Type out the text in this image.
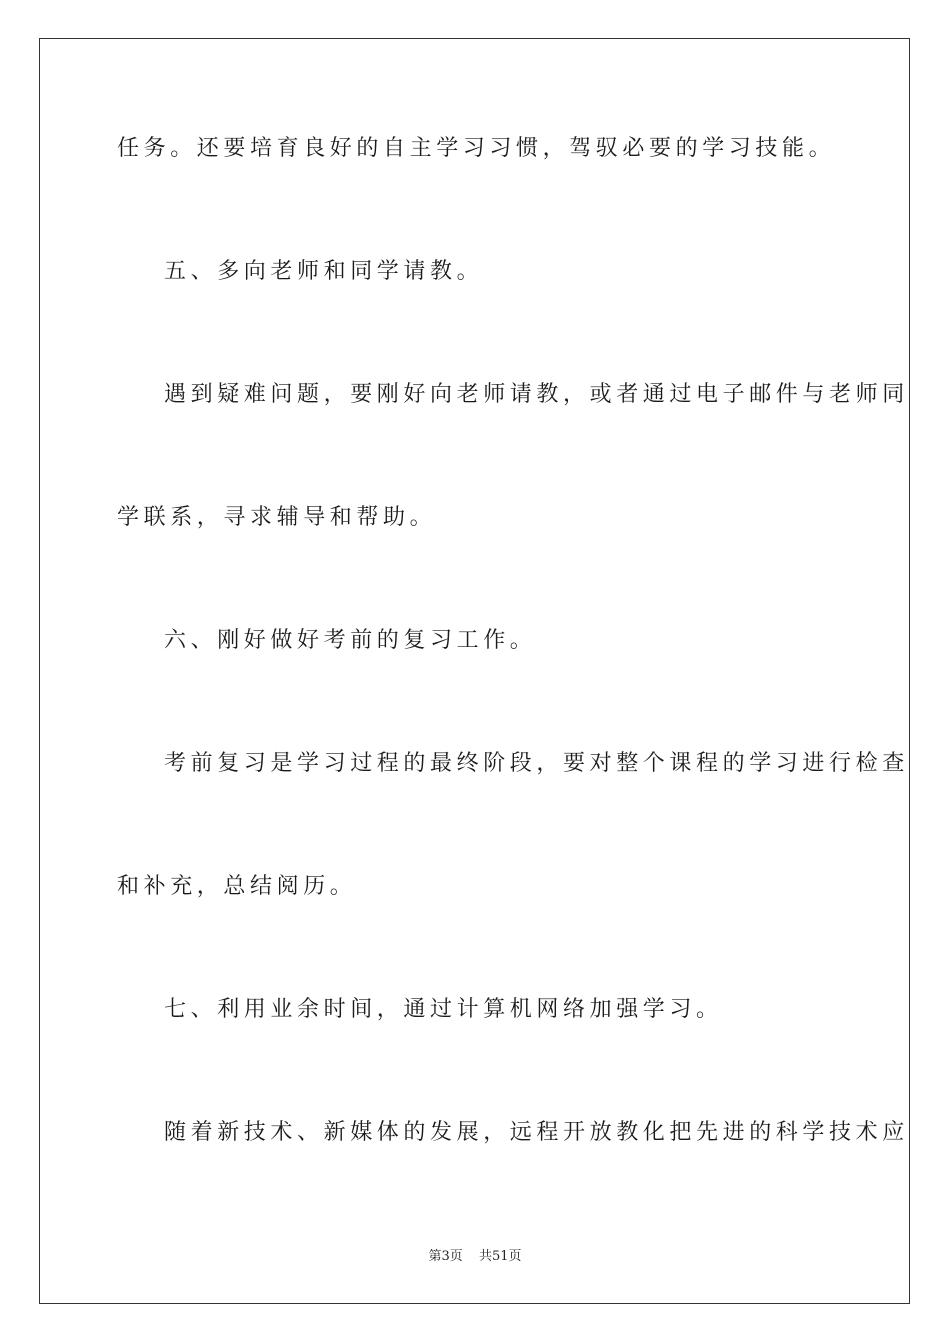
任务。还要培育良好的自主学习习惯，驾驭必要的学习技能。
五、多向老师和同学请教。
遇到疑难问题，要刚好向老师请教，或者通过电子邮件与老师同
学联系，寻求辅导和帮助。
六、刚好做好考前的复习工作。
考前复习是学习过程的最终阶段，要对整个课程的学习进行检查
和补充，总结阅历。
七、利用业余时间，通过计算机网络加强学习。
随着新技术、新媒体的发展，远程开放教化把先进的科学技术应
第3页 共51页
